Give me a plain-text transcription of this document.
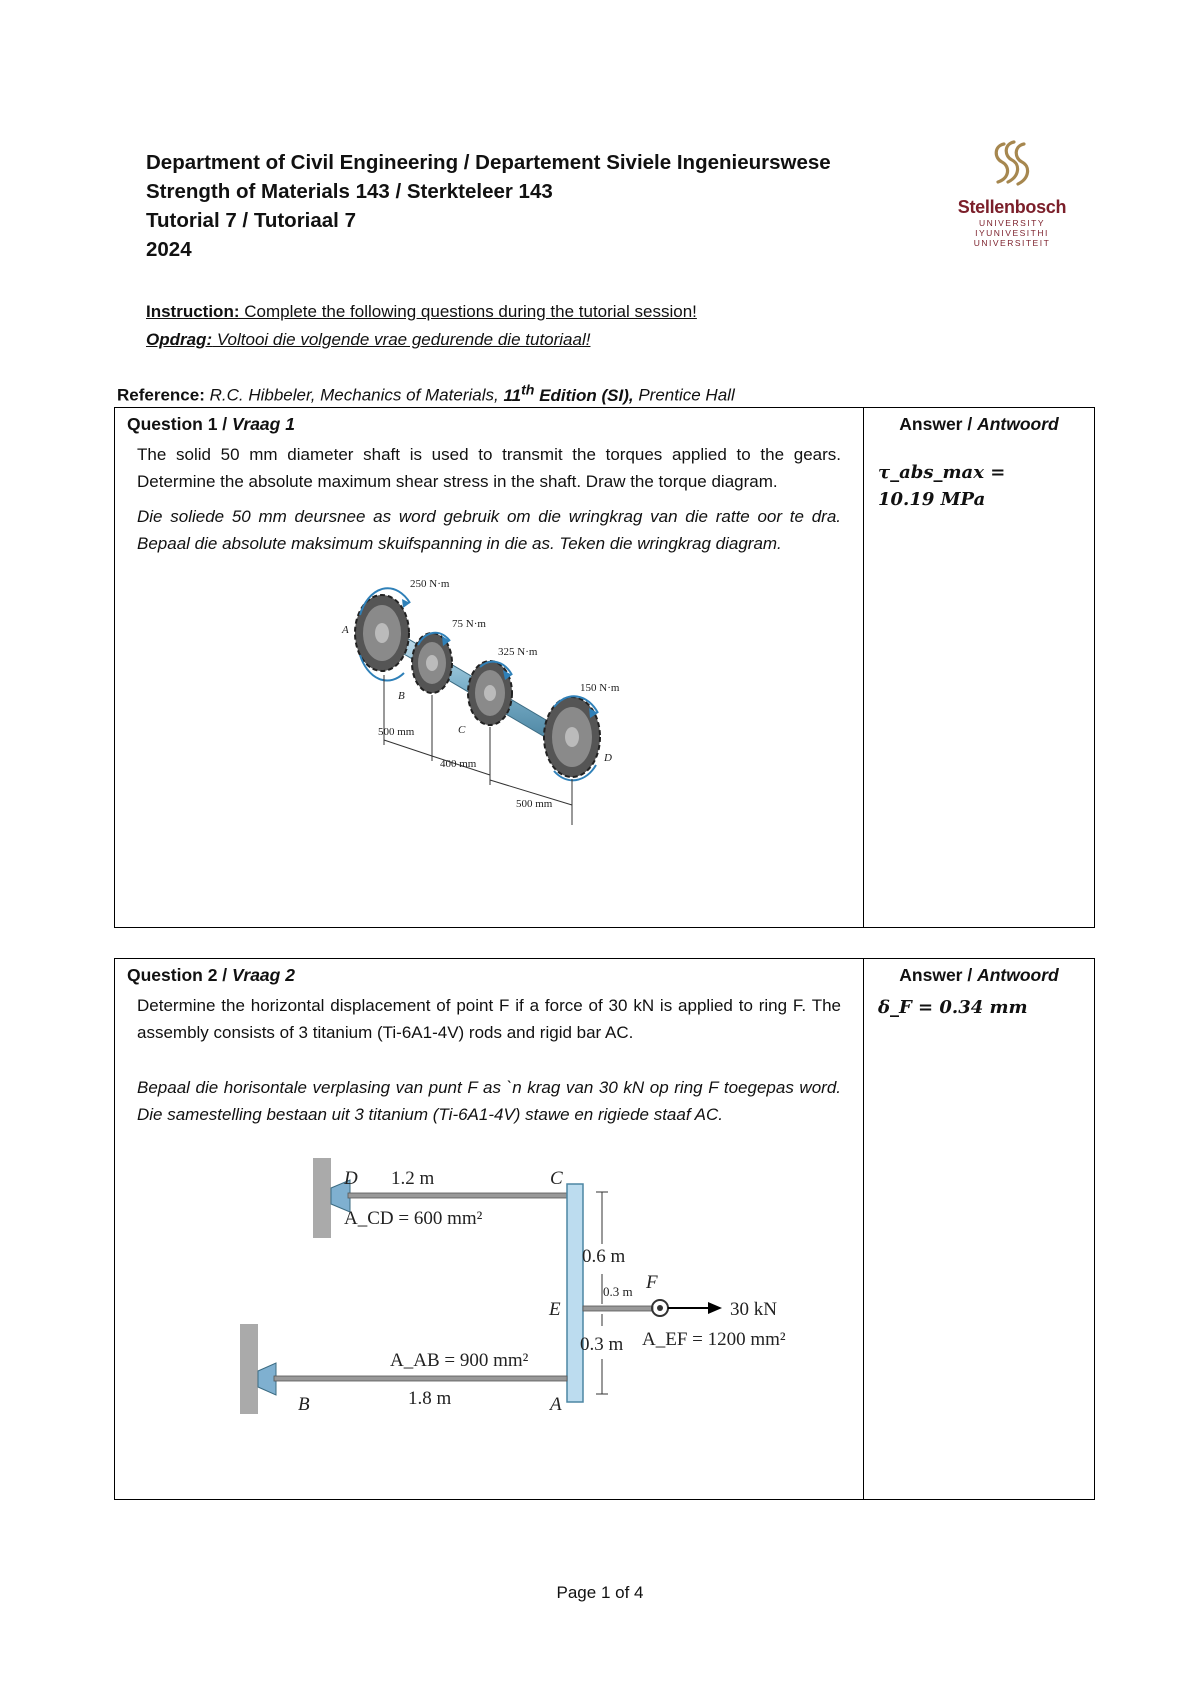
Department of Civil Engineering / Departement Siviele Ingenieurswese
Strength of Materials 143 / Sterkteleer 143
Tutorial 7 / Tutoriaal 7
2024
Stellenbosch
UNIVERSITY
IYUNIVESITHI
UNIVERSITEIT
Instruction: Complete the following questions during the tutorial session!
Opdrag: Voltooi die volgende vrae gedurende die tutoriaal!
Reference: R.C. Hibbeler, Mechanics of Materials, 11th Edition (SI), Prentice Hall
Question 1 / Vraag 1
The solid 50 mm diameter shaft is used to transmit the torques applied to the gears. Determine the absolute maximum shear stress in the shaft. Draw the torque diagram.
Die soliede 50 mm deursnee as word gebruik om die wringkrag van die ratte oor te dra. Bepaal die absolute maksimum skuifspanning in die as. Teken die wringkrag diagram.
250 N·m
75 N·m
325 N·m
150 N·m
A
B
C
D
500 mm
400 mm
500 mm

Answer / Antwoord
τ_abs_max =
10.19 MPa
Question 2 / Vraag 2
Determine the horizontal displacement of point F if a force of 30 kN is applied to ring F. The assembly consists of 3 titanium (Ti-6A1-4V) rods and rigid bar AC.
Bepaal die horisontale verplasing van punt F as `n krag van 30 kN op ring F toegepas word. Die samestelling bestaan uit 3 titanium (Ti-6A1-4V) stawe en rigiede staaf AC.
D 1.2 m	C
A_CD = 600 mm²
0.6 m
0.3 m F
E	30 kN
0.3 m A_EF = 1200 mm²
A_AB = 900 mm²
1.8 m	A
B

Answer / Antwoord
δ_F = 0.34 mm
Page 1 of 4
